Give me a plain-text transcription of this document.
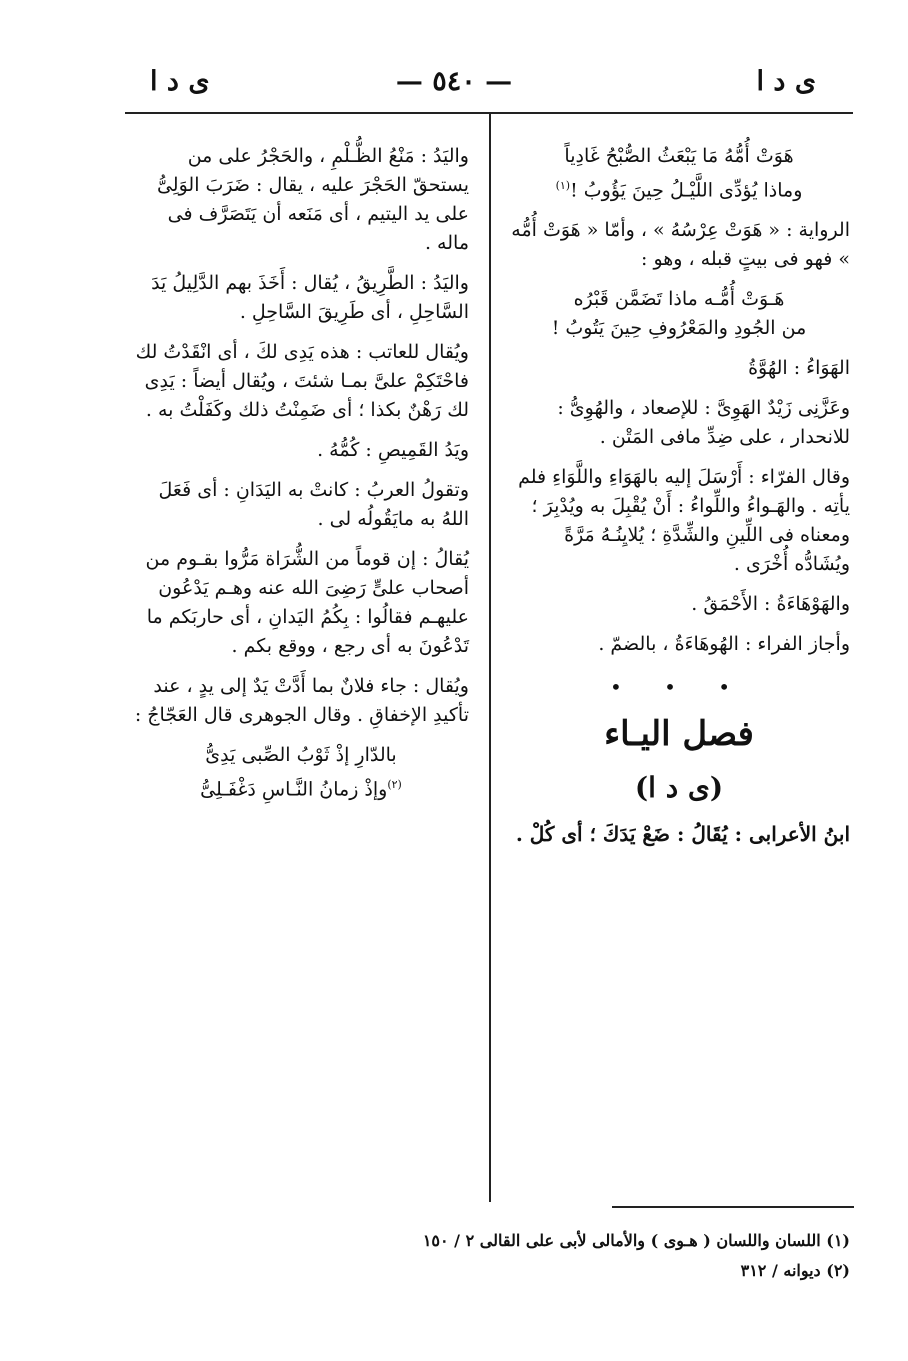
ى د ا
— ٥٤٠ —
ى د ا
هَوَتْ أُمُّهُ مَا يَبْعَثُ الصُّبْحُ غَادِياً
وماذا يُؤدِّى اللَّيْـلُ حِينَ يَؤُوبُ !$^{(١)}$

الرواية : « هَوَتْ عِرْسُهُ » ، وأمّا « هَوَتْ أُمُّه » فهو فى بيتٍ قبله ، وهو :

هَـوَتْ أُمُّـه ماذا تَضَمَّن قَبْرُه
من الجُودِ والمَعْرُوفِ حِينَ يَتُوبُ !

الهَوَاءُ : الهُوَّةُ

وعَزَّنِى زَيْدٌ الهَوِىَّ : للإصعاد ، والهُوِىُّ : للانحدار ، على ضِدِّ مافى المَتْن .

وقال الفرّاء : أَرْسَلَ إليه بالهَوَاءِ واللَّوَاءِ فلم يأتِه . والهَـواءُ واللِّواءُ : أَنْ يُقْبِلَ به ويُدْبِرَ ؛ ومعناه فى اللِّينِ والشِّدَّةِ ؛ يُلايِنُـهُ مَرَّةً ويُشَادُّه أُخْرَى .

والهَوْهَاءَةُ : الأَحْمَقُ .

وأجاز الفراء : الهُوهَاءَةُ ، بالضمّ .

• • •

فصل اليـاء

(ى د ا)

ابنُ الأعرابى : يُقَالُ : ضَعْ يَدَكَ ؛ أى كُلْ .

واليَدُ : مَنْعُ الظُّـلْمِ ، والحَجْرُ على من يستحقّ الحَجْرَ عليه ، يقال : ضَرَبَ الوَلِىُّ على يد اليتيم ، أى مَنَعه أن يَتَصَرَّف فى ماله .

واليَدُ : الطَّرِيقُ ، يُقال : أَخَذَ بهم الدَّلِيلُ يَدَ السَّاحِلِ ، أى طَرِيقَ السَّاحِلِ .

ويُقال للعاتب : هذه يَدِى لكَ ، أى انْقَدْتُ لك فاحْتَكِمْ علىَّ بمـا شئتَ ، ويُقال أيضاً : يَدِى لك رَهْنٌ بكذا ؛ أى ضَمِنْتُ ذلك وكَفَلْتُ به .

ويَدُ القَمِيصِ : كُمُّهُ .

وتقولُ العربُ : كانتْ به اليَدَانِ : أى فَعَلَ اللهُ به مايَقُولُه لى .

يُقالُ : إن قوماً من الشُّرَاة مَرُّوا بقـوم من أصحاب علىٍّ رَضِىَ الله عنه وهـم يَدْعُون عليهـم فقالُوا : بِكُمُ اليَدانِ ، أى حاربَكم ما تَدْعُونَ به أى رجع ، ووقع بكم .

ويُقال : جاء فلانٌ بما أَدَّتْ يَدٌ إلى يدٍ ، عند تأكيدِ الإخفاقِ . وقال الجوهرى قال العَجّاجُ :

بالدّارِ إذْ ثَوْبُ الصِّبى يَدِىُّ
$^{(٢)}$وإذْ زمانُ النَّـاسِ دَغْفَـلِىُّ
(١) اللسان واللسان ( هـوى ) والأمالى لأبى على القالى ٢ / ١٥٠
(٢) ديوانه / ٣١٢
